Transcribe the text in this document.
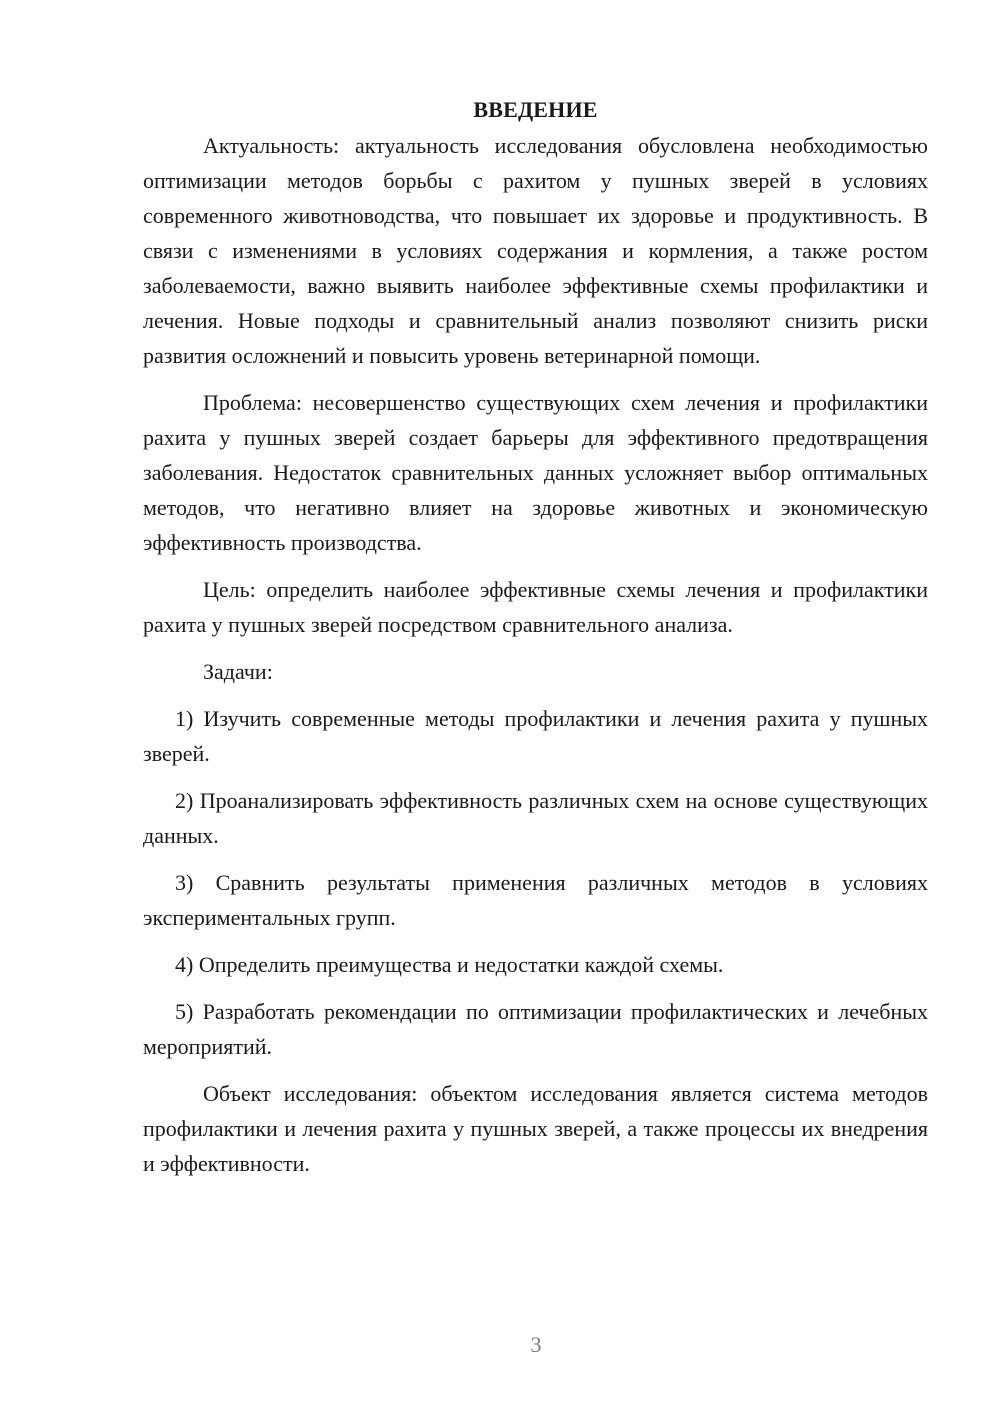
ВВЕДЕНИЕ

Актуальность: актуальность исследования обусловлена необходимостью оптимизации методов борьбы с рахитом у пушных зверей в условиях современного животноводства, что повышает их здоровье и продуктивность. В связи с изменениями в условиях содержания и кормления, а также ростом заболеваемости, важно выявить наиболее эффективные схемы профилактики и лечения. Новые подходы и сравнительный анализ позволяют снизить риски развития осложнений и повысить уровень ветеринарной помощи.

Проблема: несовершенство существующих схем лечения и профилактики рахита у пушных зверей создает барьеры для эффективного предотвращения заболевания. Недостаток сравнительных данных усложняет выбор оптимальных методов, что негативно влияет на здоровье животных и экономическую эффективность производства.

Цель: определить наиболее эффективные схемы лечения и профилактики рахита у пушных зверей посредством сравнительного анализа.

Задачи:

1) Изучить современные методы профилактики и лечения рахита у пушных зверей.

2) Проанализировать эффективность различных схем на основе существующих данных.

3) Сравнить результаты применения различных методов в условиях экспериментальных групп.

4) Определить преимущества и недостатки каждой схемы.

5) Разработать рекомендации по оптимизации профилактических и лечебных мероприятий.

Объект исследования: объектом исследования является система методов профилактики и лечения рахита у пушных зверей, а также процессы их внедрения и эффективности.

3
